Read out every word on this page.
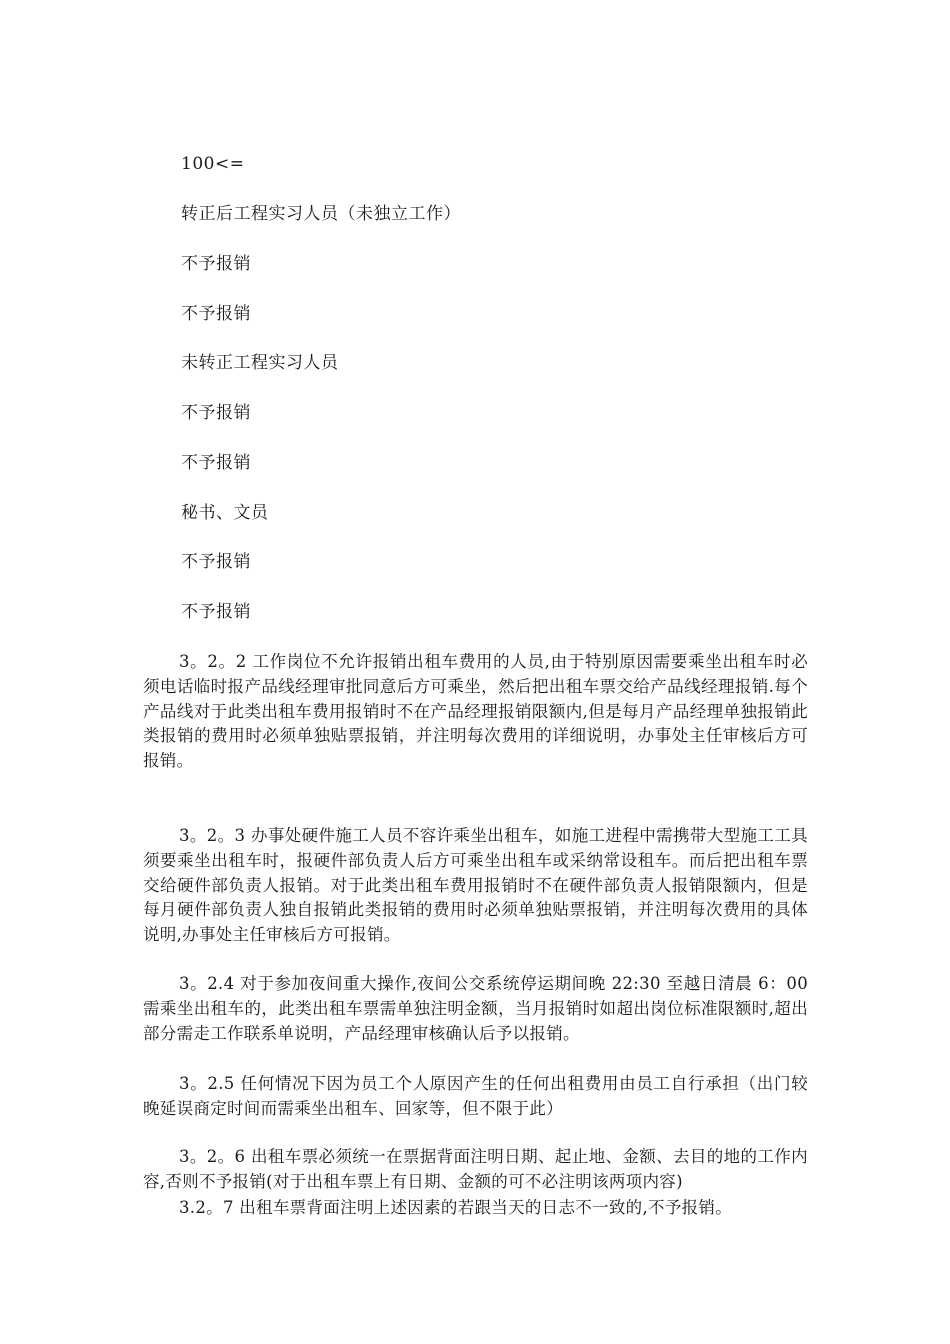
100<=
转正后工程实习人员（未独立工作）
不予报销
不予报销
未转正工程实习人员
不予报销
不予报销
秘书、文员
不予报销
不予报销

3。2。2 工作岗位不允许报销出租车费用的人员,由于特别原因需要乘坐出租车时必须电话临时报产品线经理审批同意后方可乘坐，然后把出租车票交给产品线经理报销.每个产品线对于此类出租车费用报销时不在产品经理报销限额内,但是每月产品经理单独报销此类报销的费用时必须单独贴票报销，并注明每次费用的详细说明，办事处主任审核后方可报销。

3。2。3 办事处硬件施工人员不容许乘坐出租车，如施工进程中需携带大型施工工具须要乘坐出租车时，报硬件部负责人后方可乘坐出租车或采纳常设租车。而后把出租车票交给硬件部负责人报销。对于此类出租车费用报销时不在硬件部负责人报销限额内，但是每月硬件部负责人独自报销此类报销的费用时必须单独贴票报销，并注明每次费用的具体说明,办事处主任审核后方可报销。

3。2.4 对于参加夜间重大操作,夜间公交系统停运期间晚 22:30 至越日清晨 6：00 需乘坐出租车的，此类出租车票需单独注明金额，当月报销时如超出岗位标准限额时,超出部分需走工作联系单说明，产品经理审核确认后予以报销。

3。2.5 任何情况下因为员工个人原因产生的任何出租费用由员工自行承担（出门较晚延误商定时间而需乘坐出租车、回家等，但不限于此）

3。2。6 出租车票必须统一在票据背面注明日期、起止地、金额、去目的地的工作内容,否则不予报销(对于出租车票上有日期、金额的可不必注明该两项内容)

3.2。7 出租车票背面注明上述因素的若跟当天的日志不一致的,不予报销。
